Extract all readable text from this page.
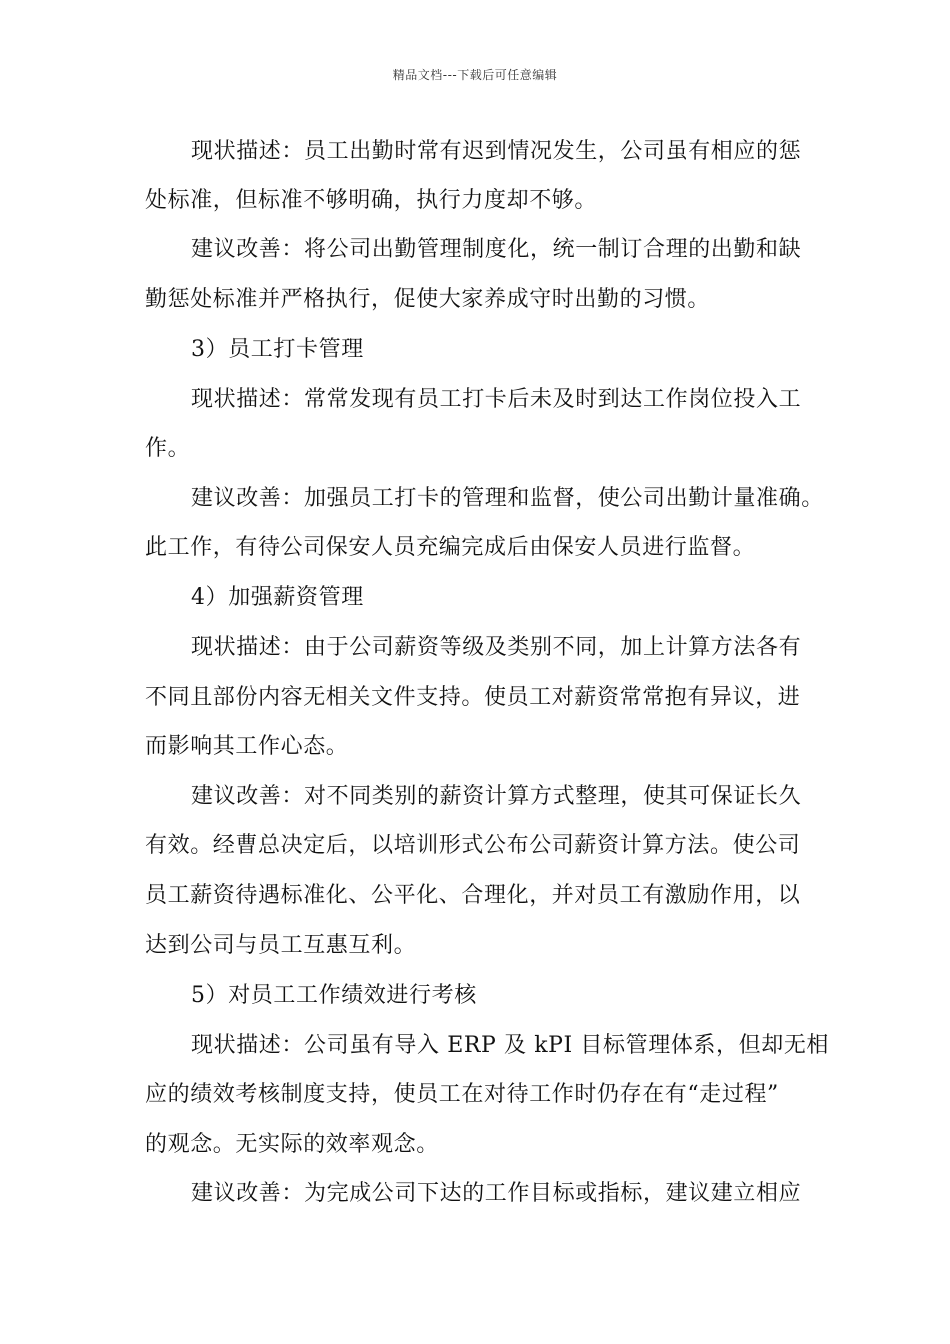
精品文档---下载后可任意编辑
现状描述：员工出勤时常有迟到情况发生，公司虽有相应的惩
处标准，但标准不够明确，执行力度却不够。
建议改善：将公司出勤管理制度化，统一制订合理的出勤和缺
勤惩处标准并严格执行，促使大家养成守时出勤的习惯。
3）员工打卡管理
现状描述：常常发现有员工打卡后未及时到达工作岗位投入工
作。
建议改善：加强员工打卡的管理和监督，使公司出勤计量准确。
此工作，有待公司保安人员充编完成后由保安人员进行监督。
4）加强薪资管理
现状描述：由于公司薪资等级及类别不同，加上计算方法各有
不同且部份内容无相关文件支持。使员工对薪资常常抱有异议，进
而影响其工作心态。
建议改善：对不同类别的薪资计算方式整理，使其可保证长久
有效。经曹总决定后，以培训形式公布公司薪资计算方法。使公司
员工薪资待遇标准化、公平化、合理化，并对员工有激励作用，以
达到公司与员工互惠互利。
5）对员工工作绩效进行考核
现状描述：公司虽有导入 ERP 及 kPI 目标管理体系，但却无相
应的绩效考核制度支持，使员工在对待工作时仍存在有“走过程”
的观念。无实际的效率观念。
建议改善：为完成公司下达的工作目标或指标，建议建立相应
